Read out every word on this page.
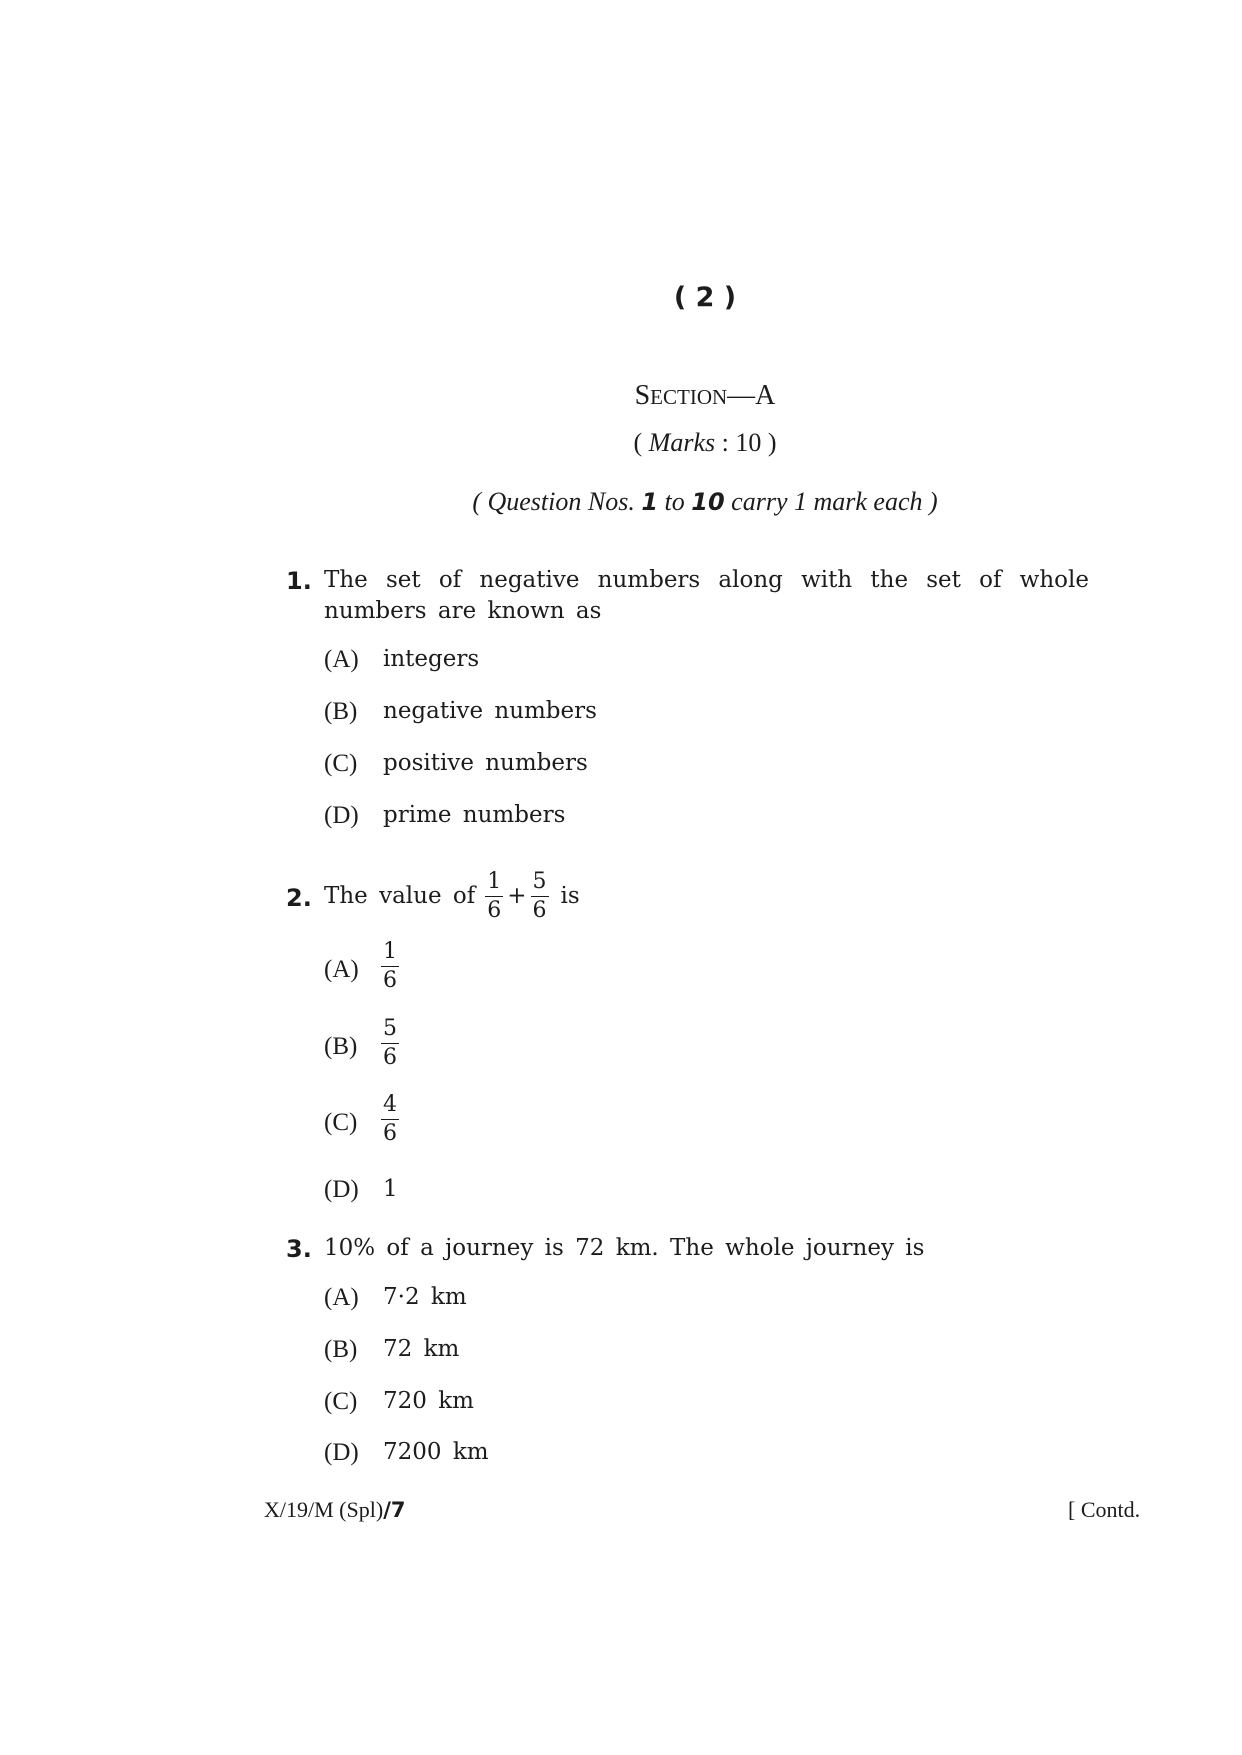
( 2 )
SECTION—A
( Marks : 10 )
( Question Nos. 1 to 10 carry 1 mark each )
1. The set of negative numbers along with the set of whole numbers are known as
(A) integers
(B) negative numbers
(C) positive numbers
(D) prime numbers
2. The value of $\frac{1}{6} + \frac{5}{6}$ is
$(A) \frac{1}{6}$
$(B) \frac{5}{6}$
$(C) \frac{4}{6}$
(D) 1
3. 10% of a journey is 72 km. The whole journey is
(A) 7·2 km
(B) 72 km
(C) 720 km
(D) 7200 km
X/19/M (Spl)/7	[ Contd.
